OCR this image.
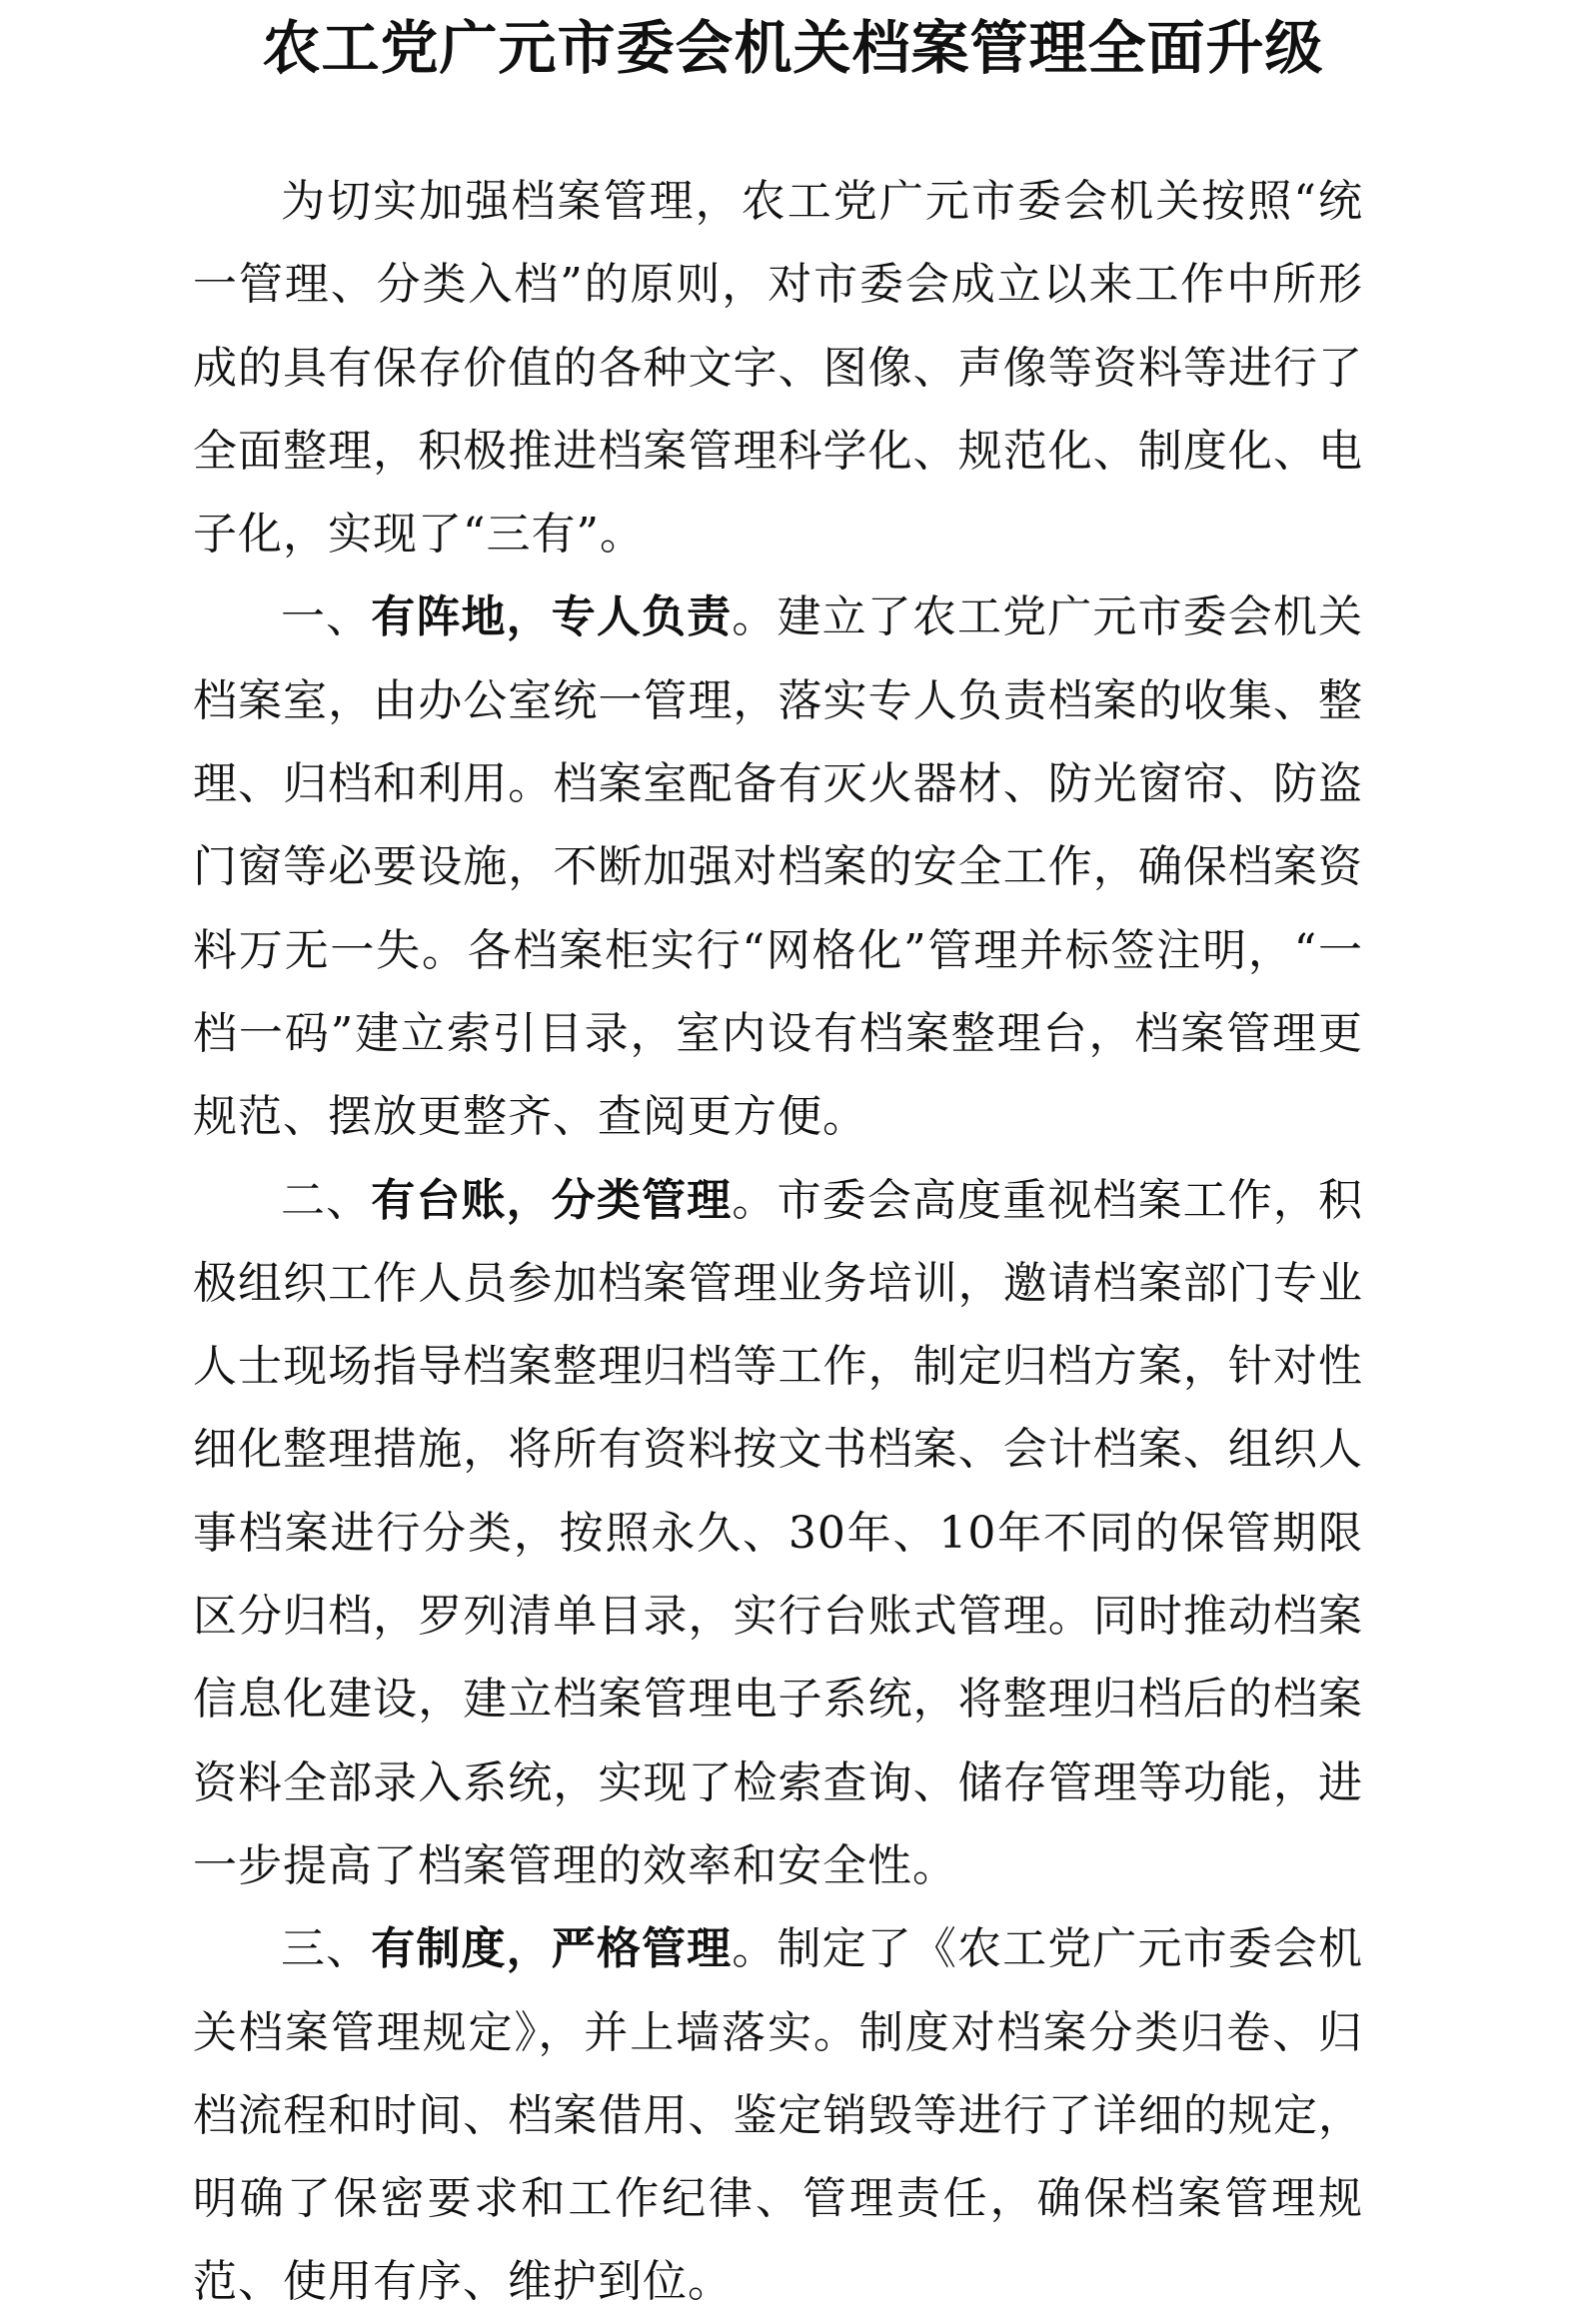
农工党广元市委会机关档案管理全面升级

为切实加强档案管理，农工党广元市委会机关按照“统一管理、分类入档”的原则，对市委会成立以来工作中所形成的具有保存价值的各种文字、图像、声像等资料等进行了全面整理，积极推进档案管理科学化、规范化、制度化、电子化，实现了“三有”。

一、有阵地，专人负责。建立了农工党广元市委会机关档案室，由办公室统一管理，落实专人负责档案的收集、整理、归档和利用。档案室配备有灭火器材、防光窗帘、防盗门窗等必要设施，不断加强对档案的安全工作，确保档案资料万无一失。各档案柜实行“网格化”管理并标签注明，“一档一码”建立索引目录，室内设有档案整理台，档案管理更规范、摆放更整齐、查阅更方便。

二、有台账，分类管理。市委会高度重视档案工作，积极组织工作人员参加档案管理业务培训，邀请档案部门专业人士现场指导档案整理归档等工作，制定归档方案，针对性细化整理措施，将所有资料按文书档案、会计档案、组织人事档案进行分类，按照永久、30年、10年不同的保管期限区分归档，罗列清单目录，实行台账式管理。同时推动档案信息化建设，建立档案管理电子系统，将整理归档后的档案资料全部录入系统，实现了检索查询、储存管理等功能，进一步提高了档案管理的效率和安全性。

三、有制度，严格管理。制定了《农工党广元市委会机关档案管理规定》，并上墙落实。制度对档案分类归卷、归档流程和时间、档案借用、鉴定销毁等进行了详细的规定，明确了保密要求和工作纪律、管理责任，确保档案管理规范、使用有序、维护到位。
